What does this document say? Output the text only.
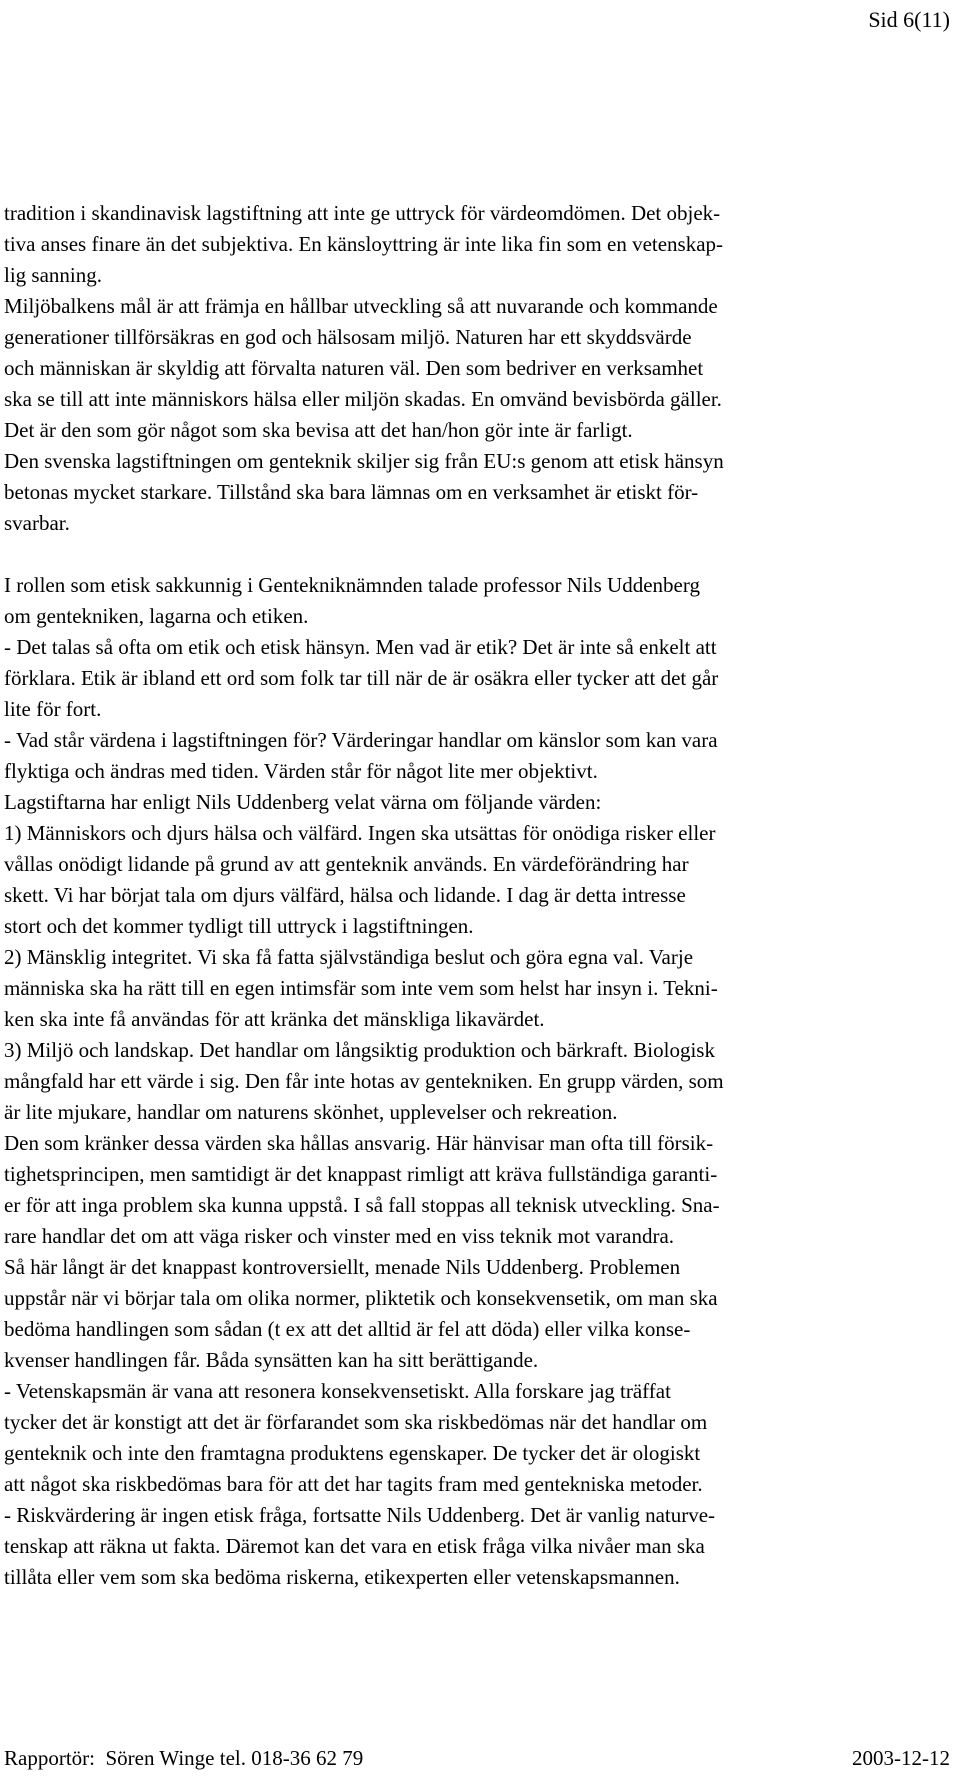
Sid 6(11)
tradition i skandinavisk lagstiftning att inte ge uttryck för värdeomdömen. Det objek-
tiva anses finare än det subjektiva. En känsloyttring är inte lika fin som en vetenskap-
lig sanning.
Miljöbalkens mål är att främja en hållbar utveckling så att nuvarande och kommande
generationer tillförsäkras en god och hälsosam miljö. Naturen har ett skyddsvärde
och människan är skyldig att förvalta naturen väl. Den som bedriver en verksamhet
ska se till att inte människors hälsa eller miljön skadas. En omvänd bevisbörda gäller.
Det är den som gör något som ska bevisa att det han/hon gör inte är farligt.
Den svenska lagstiftningen om genteknik skiljer sig från EU:s genom att etisk hänsyn
betonas mycket starkare. Tillstånd ska bara lämnas om en verksamhet är etiskt för-
svarbar.
I rollen som etisk sakkunnig i Gentekniknämnden talade professor Nils Uddenberg
om gentekniken, lagarna och etiken.
- Det talas så ofta om etik och etisk hänsyn. Men vad är etik? Det är inte så enkelt att
förklara. Etik är ibland ett ord som folk tar till när de är osäkra eller tycker att det går
lite för fort.
- Vad står värdena i lagstiftningen för? Värderingar handlar om känslor som kan vara
flyktiga och ändras med tiden. Värden står för något lite mer objektivt.
Lagstiftarna har enligt Nils Uddenberg velat värna om följande värden:
1) Människors och djurs hälsa och välfärd. Ingen ska utsättas för onödiga risker eller
vållas onödigt lidande på grund av att genteknik används. En värdeförändring har
skett. Vi har börjat tala om djurs välfärd, hälsa och lidande. I dag är detta intresse
stort och det kommer tydligt till uttryck i lagstiftningen.
2) Mänsklig integritet. Vi ska få fatta självständiga beslut och göra egna val. Varje
människa ska ha rätt till en egen intimsfär som inte vem som helst har insyn i. Tekni-
ken ska inte få användas för att kränka det mänskliga likavärdet.
3) Miljö och landskap. Det handlar om långsiktig produktion och bärkraft. Biologisk
mångfald har ett värde i sig. Den får inte hotas av gentekniken. En grupp värden, som
är lite mjukare, handlar om naturens skönhet, upplevelser och rekreation.
Den som kränker dessa värden ska hållas ansvarig. Här hänvisar man ofta till försik-
tighetsprincipen, men samtidigt är det knappast rimligt att kräva fullständiga garanti-
er för att inga problem ska kunna uppstå. I så fall stoppas all teknisk utveckling. Sna-
rare handlar det om att väga risker och vinster med en viss teknik mot varandra.
Så här långt är det knappast kontroversiellt, menade Nils Uddenberg. Problemen
uppstår när vi börjar tala om olika normer, pliktetik och konsekvensetik, om man ska
bedöma handlingen som sådan (t ex att det alltid är fel att döda) eller vilka konse-
kvenser handlingen får. Båda synsätten kan ha sitt berättigande.
- Vetenskapsmän är vana att resonera konsekvensetiskt. Alla forskare jag träffat
tycker det är konstigt att det är förfarandet som ska riskbedömas när det handlar om
genteknik och inte den framtagna produktens egenskaper. De tycker det är ologiskt
att något ska riskbedömas bara för att det har tagits fram med gentekniska metoder.
- Riskvärdering är ingen etisk fråga, fortsatte Nils Uddenberg. Det är vanlig naturve-
tenskap att räkna ut fakta. Däremot kan det vara en etisk fråga vilka nivåer man ska
tillåta eller vem som ska bedöma riskerna, etikexperten eller vetenskapsmannen.
Rapportör:  Sören Winge tel. 018-36 62 79	2003-12-12
